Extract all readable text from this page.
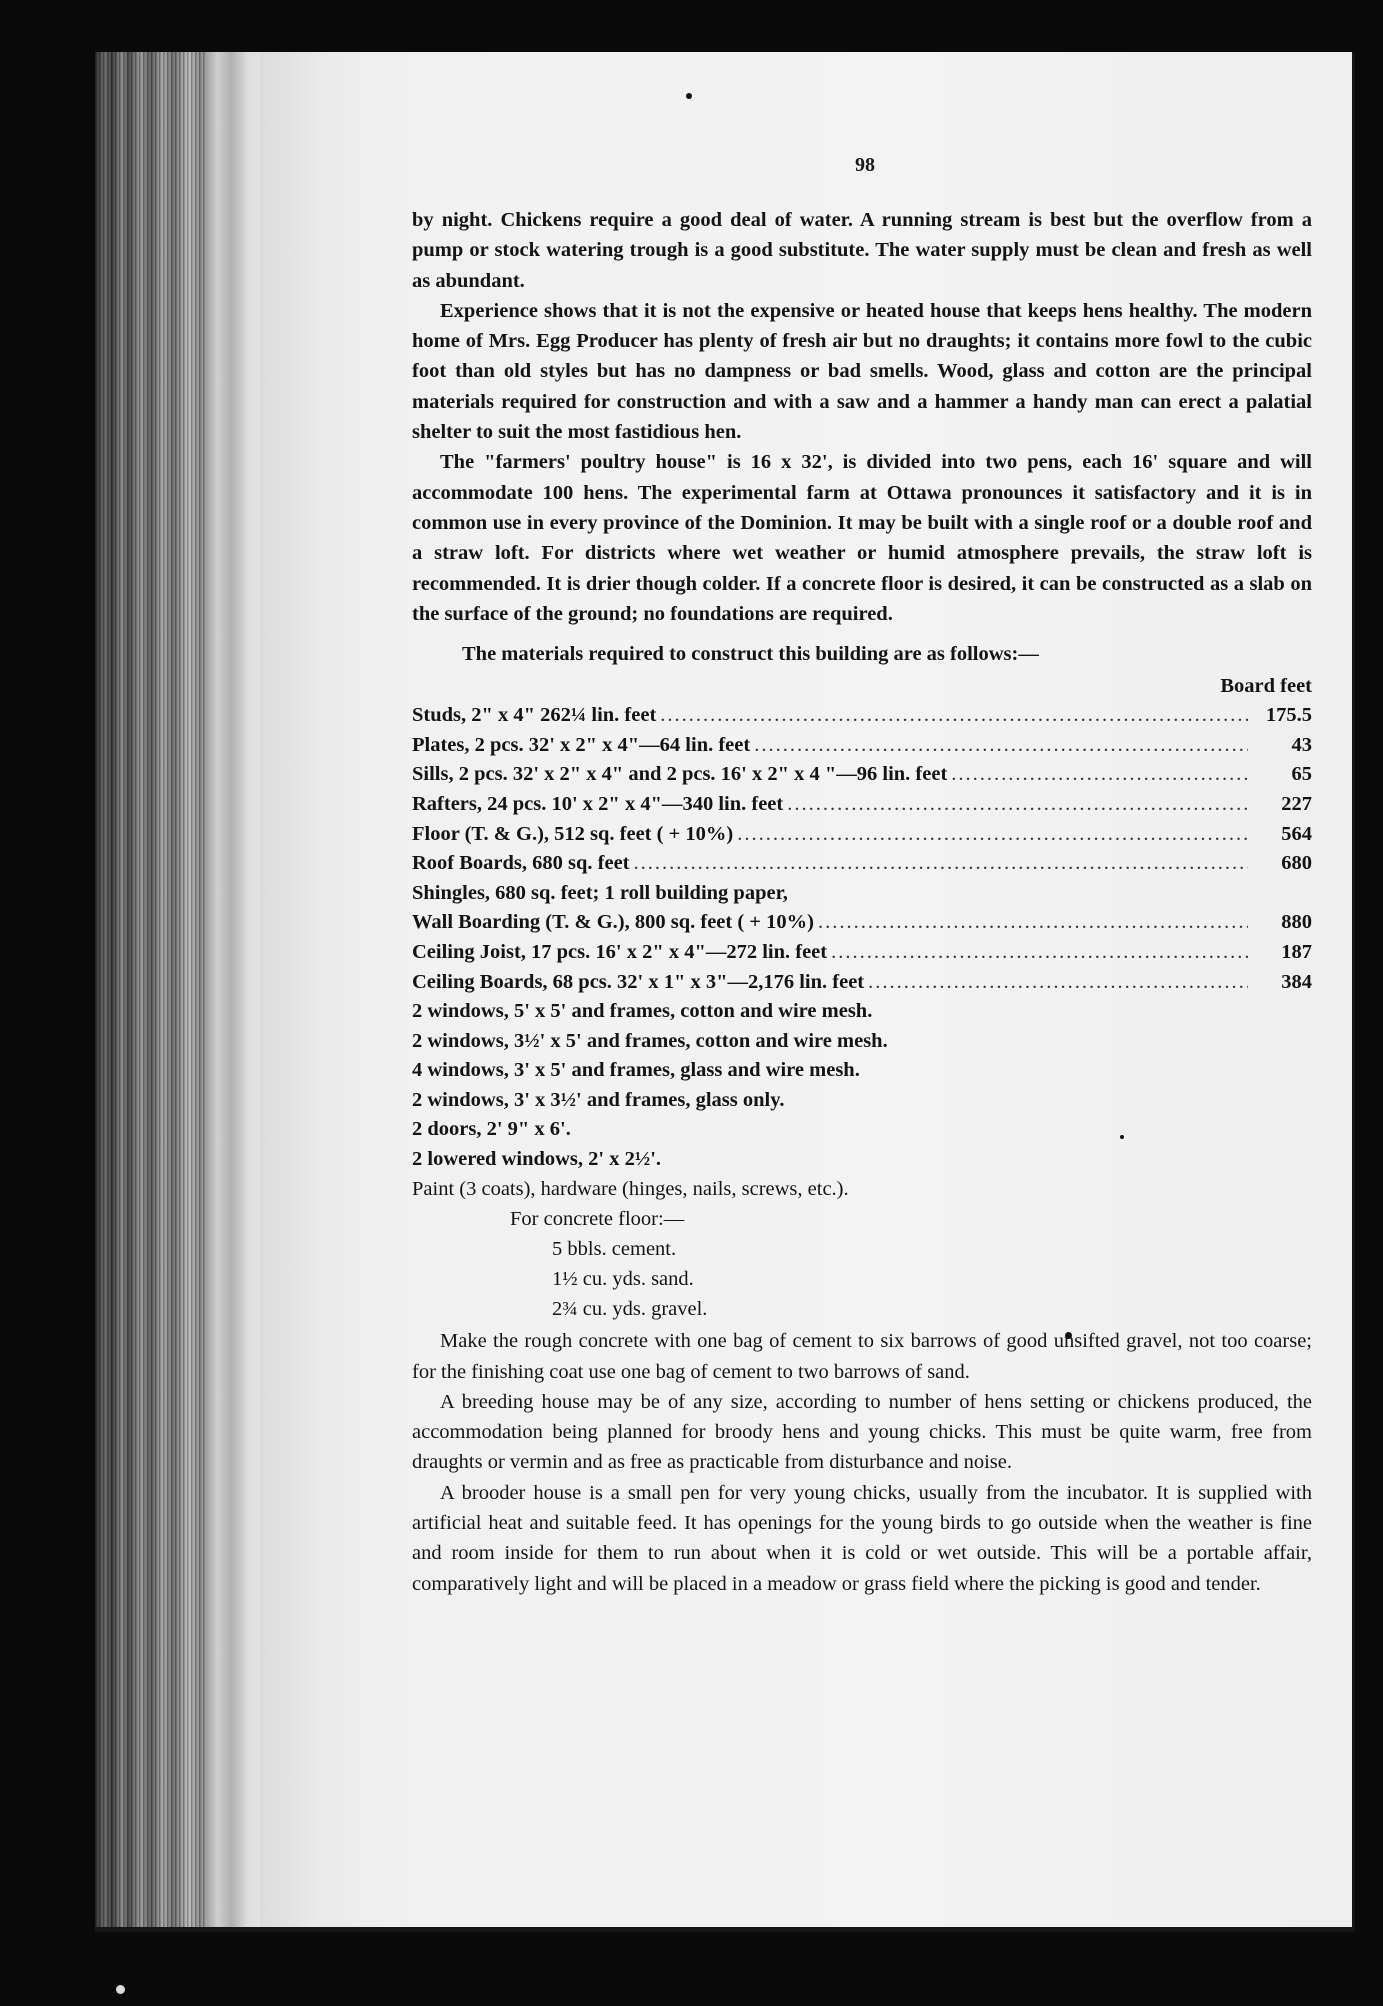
98

by night. Chickens require a good deal of water. A running stream is best but the overflow from a pump or stock watering trough is a good substitute. The water supply must be clean and fresh as well as abundant.

Experience shows that it is not the expensive or heated house that keeps hens healthy. The modern home of Mrs. Egg Producer has plenty of fresh air but no draughts; it contains more fowl to the cubic foot than old styles but has no dampness or bad smells. Wood, glass and cotton are the principal materials required for construction and with a saw and a hammer a handy man can erect a palatial shelter to suit the most fastidious hen.

The "farmers' poultry house" is 16 x 32', is divided into two pens, each 16' square and will accommodate 100 hens. The experimental farm at Ottawa pronounces it satisfactory and it is in common use in every province of the Dominion. It may be built with a single roof or a double roof and a straw loft. For districts where wet weather or humid atmosphere prevails, the straw loft is recommended. It is drier though colder. If a concrete floor is desired, it can be constructed as a slab on the surface of the ground; no foundations are required.

The materials required to construct this building are as follows:—

Board feet
Studs, 2" x 4" 262¼ lin. feet .....	175.5
Plates, 2 pcs. 32' x 2" x 4"—64 lin. feet .....	43
Sills, 2 pcs. 32' x 2" x 4" and 2 pcs. 16' x 2" x 4 "—96 lin. feet .....	65
Rafters, 24 pcs. 10' x 2" x 4"—340 lin. feet .....	227
Floor (T. & G.), 512 sq. feet ( + 10%) .....	564
Roof Boards, 680 sq. feet .....	680
Shingles, 680 sq. feet; 1 roll building paper,
Wall Boarding (T. & G.), 800 sq. feet ( + 10%) .....	880
Ceiling Joist, 17 pcs. 16' x 2" x 4"—272 lin. feet .....	187
Ceiling Boards, 68 pcs. 32' x 1" x 3"—2,176 lin. feet .....	384
2 windows, 5' x 5' and frames, cotton and wire mesh.
2 windows, 3½' x 5' and frames, cotton and wire mesh.
4 windows, 3' x 5' and frames, glass and wire mesh.
2 windows, 3' x 3½' and frames, glass only.
2 doors, 2' 9" x 6'.
2 lowered windows, 2' x 2½'.
Paint (3 coats), hardware (hinges, nails, screws, etc.).
For concrete floor:—
5 bbls. cement.
1½ cu. yds. sand.
2¾ cu. yds. gravel.

Make the rough concrete with one bag of cement to six barrows of good unsifted gravel, not too coarse; for the finishing coat use one bag of cement to two barrows of sand.

A breeding house may be of any size, according to number of hens setting or chickens produced, the accommodation being planned for broody hens and young chicks. This must be quite warm, free from draughts or vermin and as free as practicable from disturbance and noise.

A brooder house is a small pen for very young chicks, usually from the incubator. It is supplied with artificial heat and suitable feed. It has openings for the young birds to go outside when the weather is fine and room inside for them to run about when it is cold or wet outside. This will be a portable affair, comparatively light and will be placed in a meadow or grass field where the picking is good and tender.
